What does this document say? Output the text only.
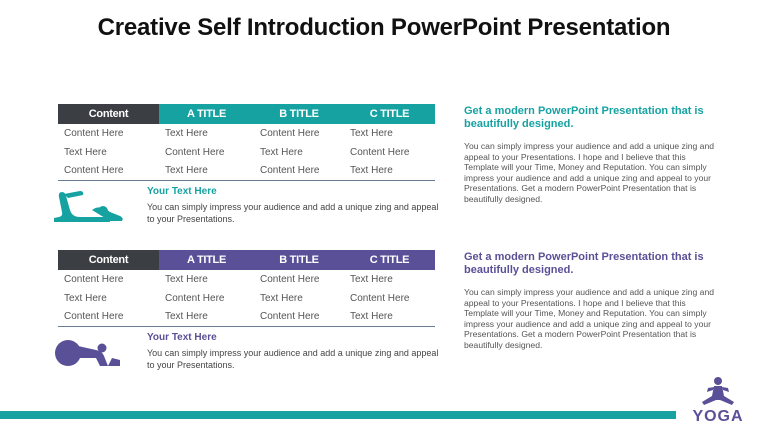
Creative Self Introduction PowerPoint Presentation
Content	A TITLE	B TITLE	C TITLE
Content Here	Text Here	Content Here	Text Here
Text Here	Content Here	Text Here	Content Here
Content Here	Text Here	Content Here	Text Here
Your Text Here
You can simply impress your audience and add a unique zing and appeal to your Presentations.
Content	A TITLE	B TITLE	C TITLE
Content Here	Text Here	Content Here	Text Here
Text Here	Content Here	Text Here	Content Here
Content Here	Text Here	Content Here	Text Here
Your Text Here
You can simply impress your audience and add a unique zing and appeal to your Presentations.
Get a modern PowerPoint Presentation that is beautifully designed.
You can simply impress your audience and add a unique zing and appeal to your Presentations. I hope and I believe that this Template will your Time, Money and Reputation. You can simply impress your audience and add a unique zing and appeal to your Presentations. Get a modern PowerPoint Presentation that is beautifully designed.
Get a modern PowerPoint Presentation that is beautifully designed.
You can simply impress your audience and add a unique zing and appeal to your Presentations. I hope and I believe that this Template will your Time, Money and Reputation. You can simply impress your audience and add a unique zing and appeal to your Presentations. Get a modern PowerPoint Presentation that is beautifully designed.
YOGA
